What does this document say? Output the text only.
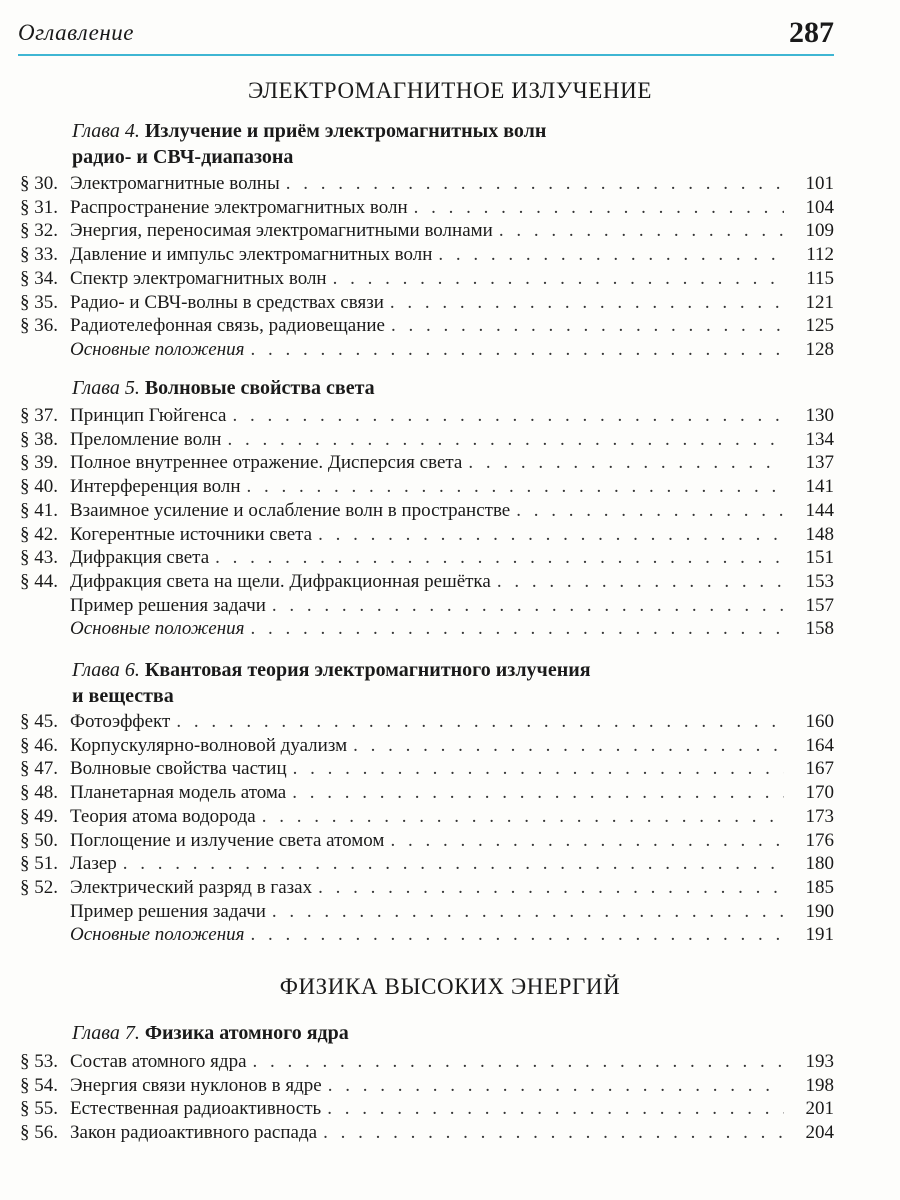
Оглавление	287
ЭЛЕКТРОМАГНИТНОЕ ИЗЛУЧЕНИЕ
Глава 4. Излучение и приём электромагнитных волн
радио- и СВЧ-диапазона
§ 30. Электромагнитные волны . . .	101
§ 31. Распространение электромагнитных волн . . .	104
§ 32. Энергия, переносимая электромагнитными волнами . . .	109
§ 33. Давление и импульс электромагнитных волн . . .	112
§ 34. Спектр электромагнитных волн . . .	115
§ 35. Радио- и СВЧ-волны в средствах связи . . .	121
§ 36. Радиотелефонная связь, радиовещание . . .	125
Основные положения . . .	128
Глава 5. Волновые свойства света
§ 37. Принцип Гюйгенса . . .	130
§ 38. Преломление волн . . .	134
§ 39. Полное внутреннее отражение. Дисперсия света . . .	137
§ 40. Интерференция волн . . .	141
§ 41. Взаимное усиление и ослабление волн в пространстве . . .	144
§ 42. Когерентные источники света . . .	148
§ 43. Дифракция света . . .	151
§ 44. Дифракция света на щели. Дифракционная решётка . . .	153
Пример решения задачи . . .	157
Основные положения . . .	158
Глава 6. Квантовая теория электромагнитного излучения
и вещества
§ 45. Фотоэффект . . .	160
§ 46. Корпускулярно-волновой дуализм . . .	164
§ 47. Волновые свойства частиц . . .	167
§ 48. Планетарная модель атома . . .	170
§ 49. Теория атома водорода . . .	173
§ 50. Поглощение и излучение света атомом . . .	176
§ 51. Лазер . . .	180
§ 52. Электрический разряд в газах . . .	185
Пример решения задачи . . .	190
Основные положения . . .	191
ФИЗИКА ВЫСОКИХ ЭНЕРГИЙ
Глава 7. Физика атомного ядра
§ 53. Состав атомного ядра . . .	193
§ 54. Энергия связи нуклонов в ядре . . .	198
§ 55. Естественная радиоактивность . . .	201
§ 56. Закон радиоактивного распада . . .	204
